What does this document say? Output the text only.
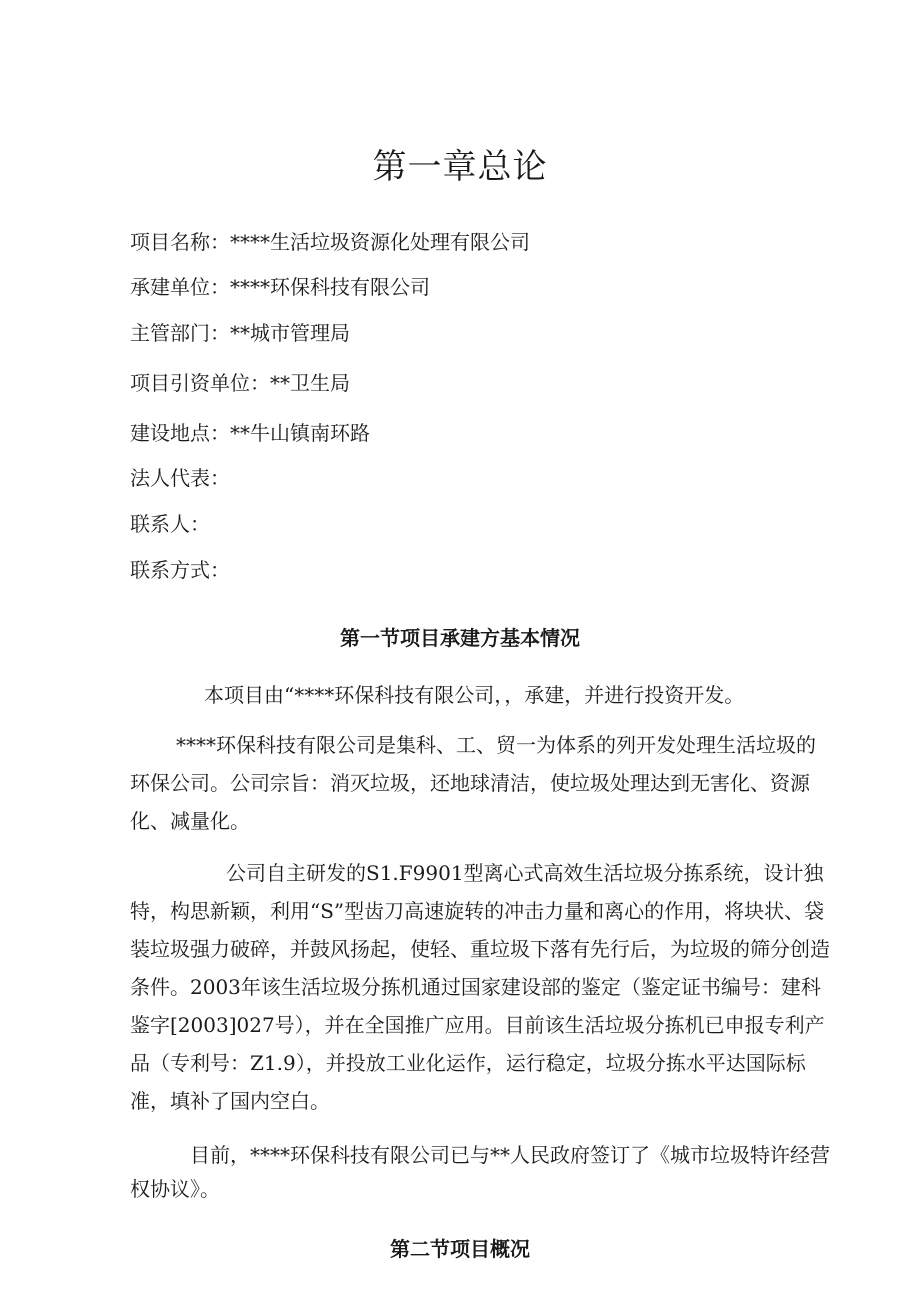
第一章总论
项目名称：****生活垃圾资源化处理有限公司
承建单位：****环保科技有限公司
主管部门：**城市管理局
项目引资单位：**卫生局
建设地点：**牛山镇南环路
法人代表：
联系人：
联系方式：
第一节项目承建方基本情况
本项目由“****环保科技有限公司，，承建，并进行投资开发。
****环保科技有限公司是集科、工、贸一为体系的列开发处理生活垃圾的环保公司。公司宗旨：消灭垃圾，还地球清洁，使垃圾处理达到无害化、资源化、减量化。
公司自主研发的S1.F9901型离心式高效生活垃圾分拣系统，设计独特，构思新颖，利用“S”型齿刀高速旋转的冲击力量和离心的作用，将块状、袋装垃圾强力破碎，并鼓风扬起，使轻、重垃圾下落有先行后，为垃圾的筛分创造条件。2003年该生活垃圾分拣机通过国家建设部的鉴定（鉴定证书编号：建科鉴字[2003]027号），并在全国推广应用。目前该生活垃圾分拣机已申报专利产品（专利号：Z1.9），并投放工业化运作，运行稳定，垃圾分拣水平达国际标准，填补了国内空白。
目前，****环保科技有限公司已与**人民政府签订了《城市垃圾特许经营权协议》。
第二节项目概况
